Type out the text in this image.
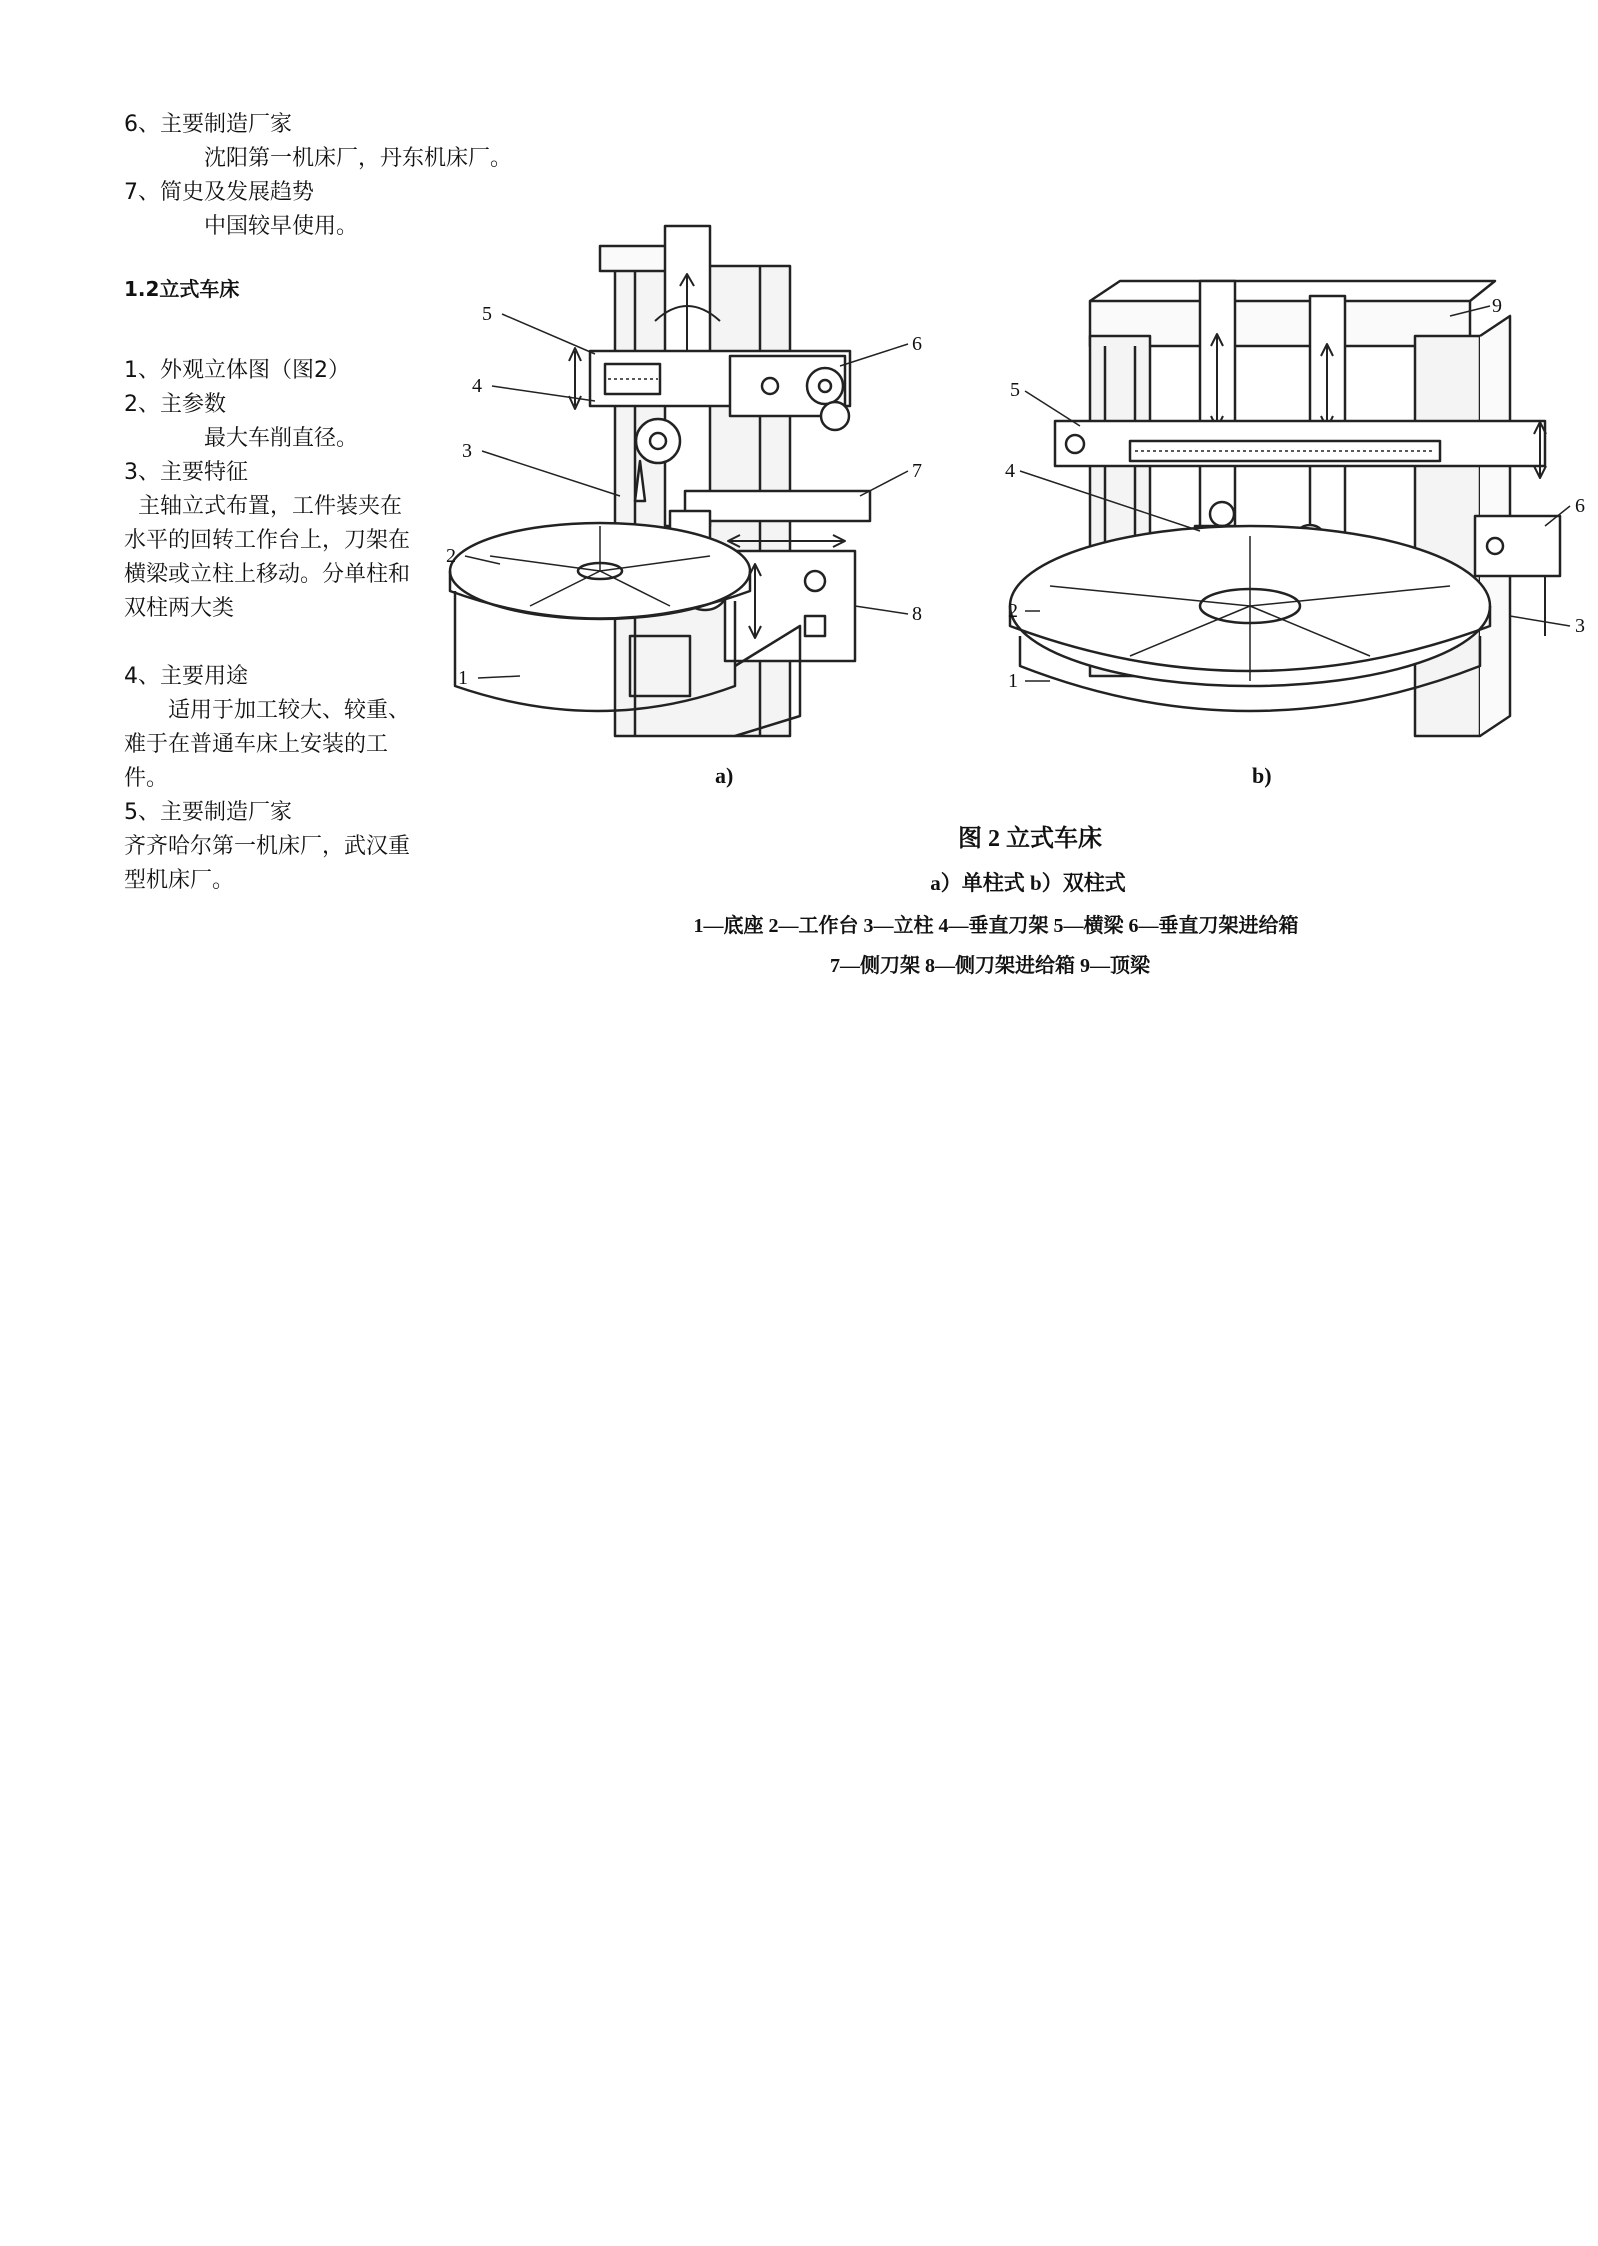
6、主要制造厂家
沈阳第一机床厂，丹东机床厂。
7、简史及发展趋势
中国较早使用。
1.2立式车床
1、外观立体图（图2）
2、主参数
最大车削直径。
3、主要特征
主轴立式布置，工件装夹在水平的回转工作台上，刀架在横梁或立柱上移动。分单柱和双柱两大类
4、主要用途
适用于加工较大、较重、难于在普通车床上安装的工件。
5、主要制造厂家
齐齐哈尔第一机床厂，武汉重型机床厂。
5
4
3
2
1
6
7
8
9
5
4
2
1
6
3
a)	b)
图 2 立式车床
a）单柱式 b）双柱式
1—底座 2—工作台 3—立柱 4—垂直刀架 5—横梁 6—垂直刀架进给箱
7—侧刀架 8—侧刀架进给箱 9—顶梁
